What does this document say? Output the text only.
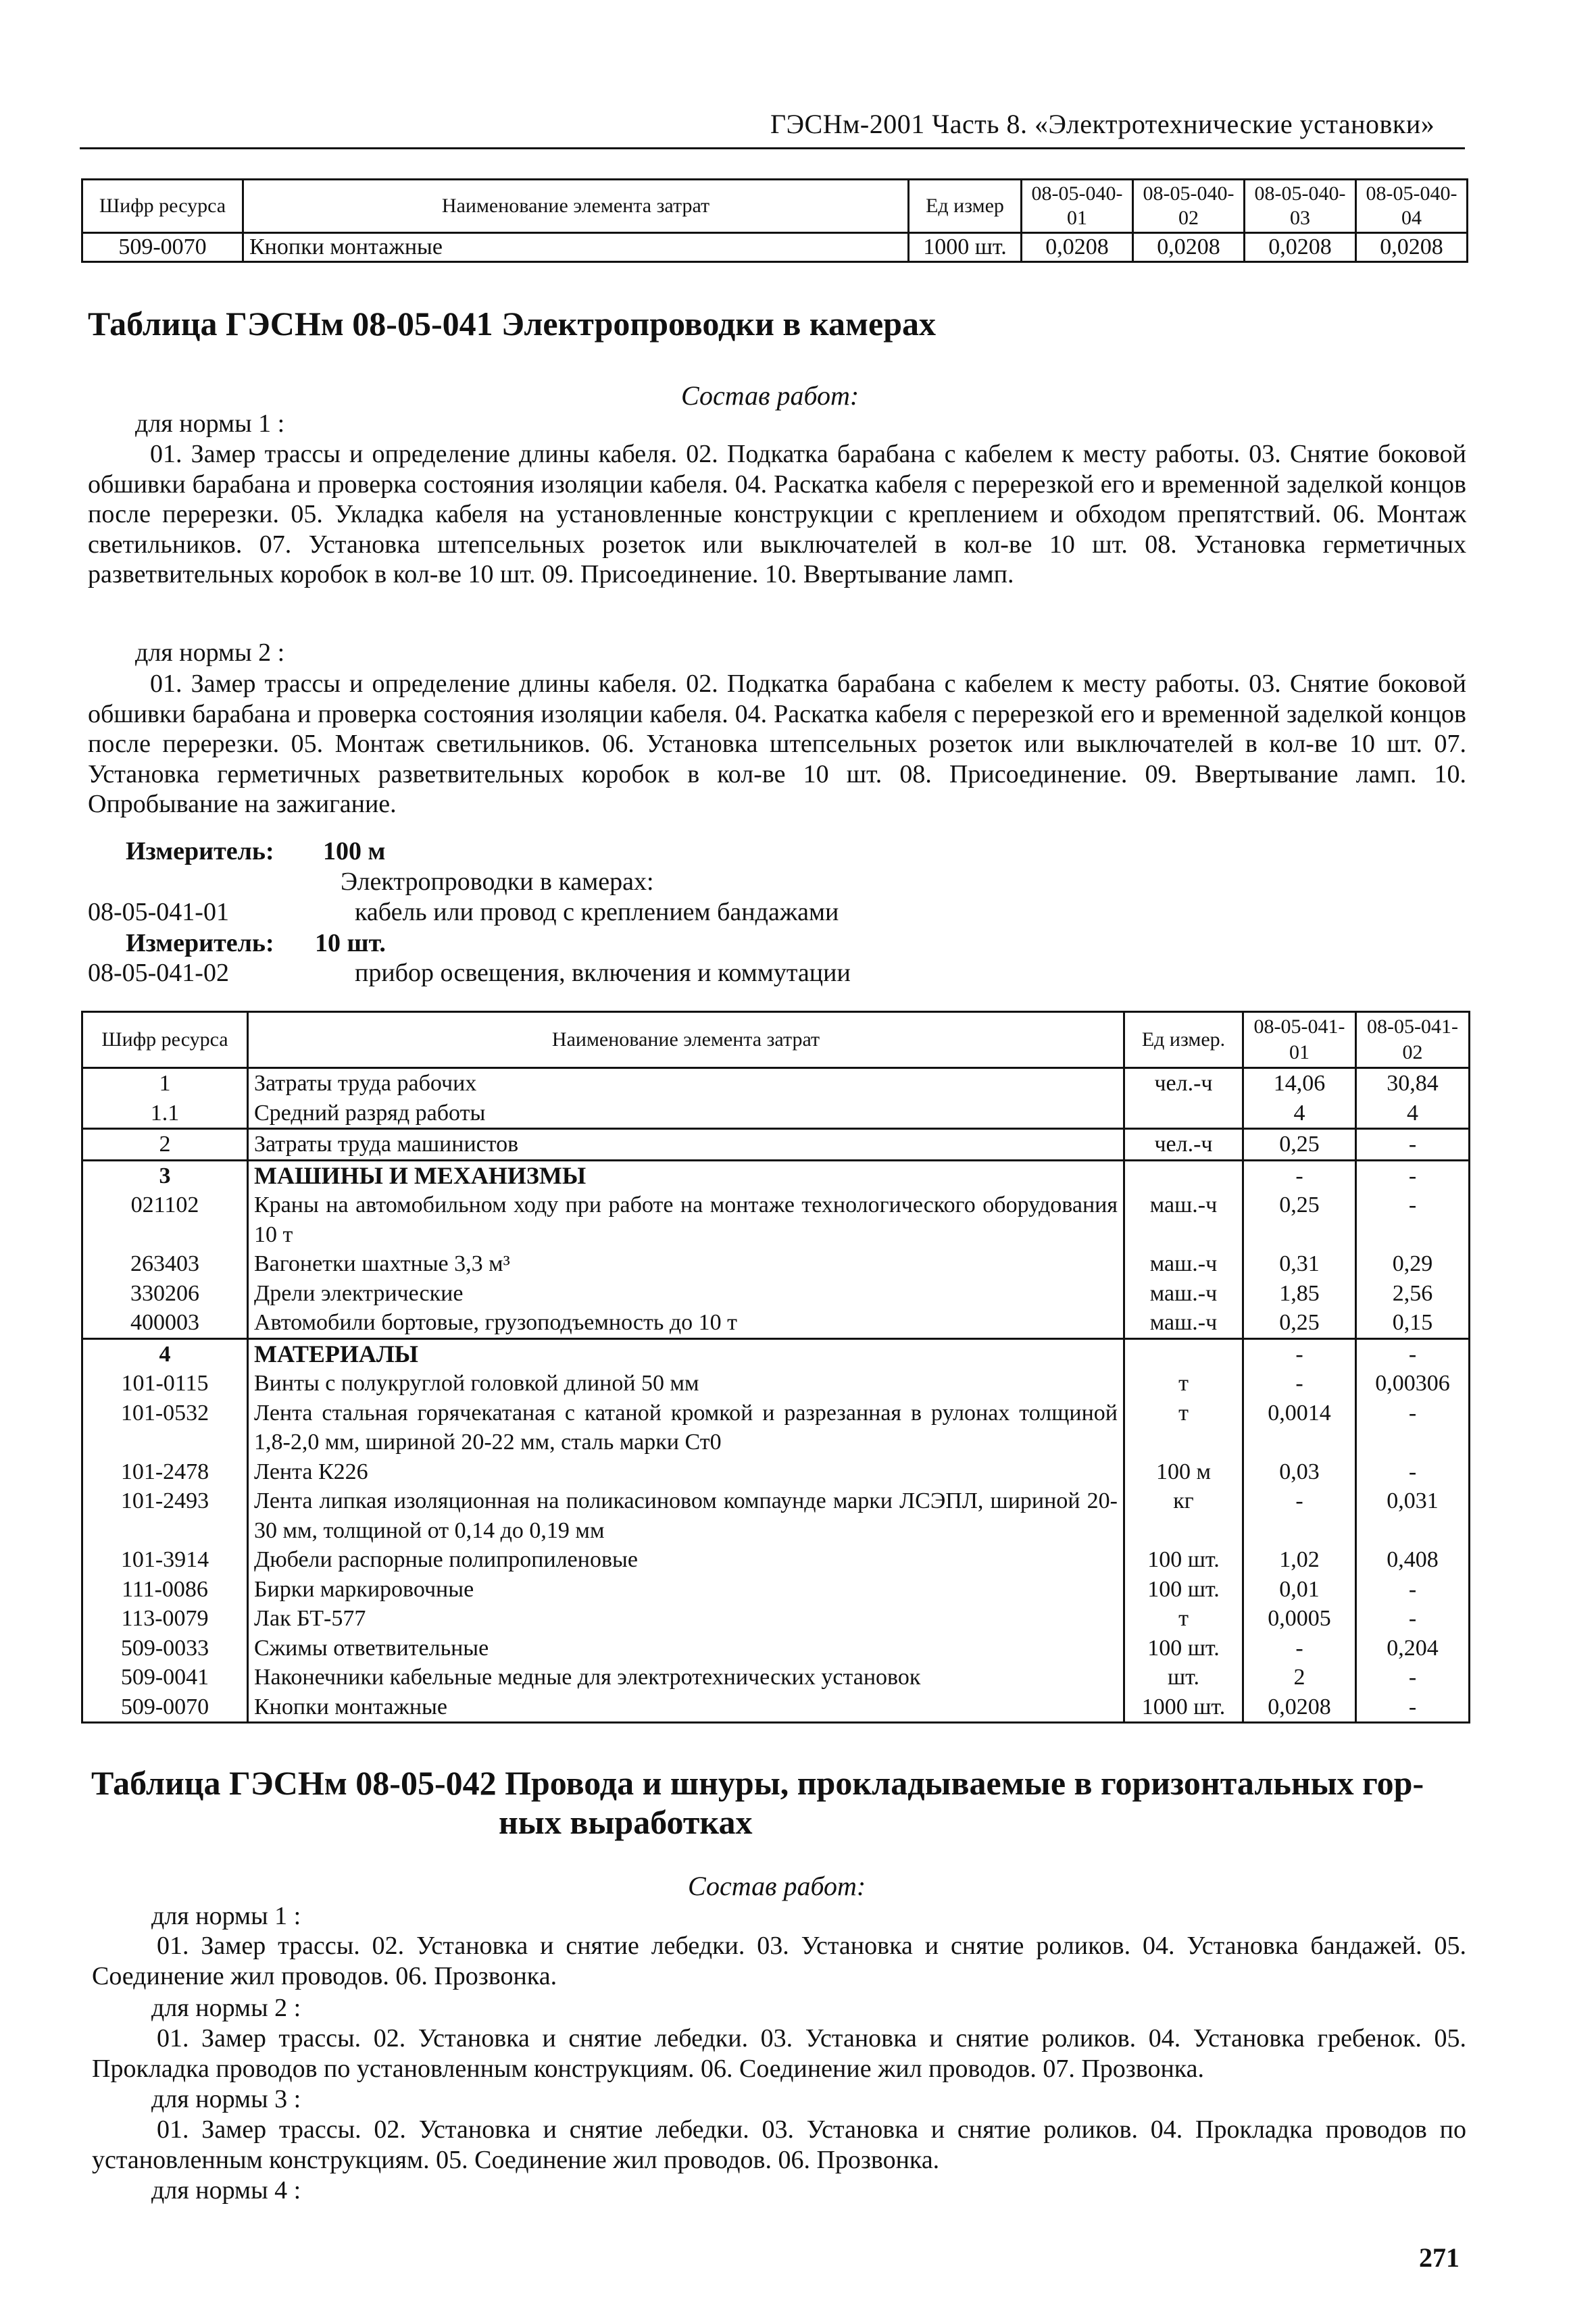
ГЭСНм-2001 Часть 8. «Электротехнические установки»
Шифр ресурса	Наименование элемента затрат	Ед измер	08-05-040-01	08-05-040-02	08-05-040-03	08-05-040-04
509-0070	Кнопки монтажные	1000 шт.	0,0208	0,0208	0,0208	0,0208
Таблица ГЭСНм 08-05-041 Электропроводки в камерах
Состав работ:
для нормы 1 :
01. Замер трассы и определение длины кабеля. 02. Подкатка барабана с кабелем к месту работы. 03. Снятие боковой обшивки барабана и проверка состояния изоляции кабеля. 04. Раскатка кабеля с перерезкой его и временной заделкой концов после перерезки. 05. Укладка кабеля на установленные конструкции с креплением и обходом препятствий. 06. Монтаж светильников. 07. Установка штепсельных розеток или выключателей в кол-ве 10 шт. 08. Установка герметичных разветвительных коробок в кол-ве 10 шт. 09. Присоединение. 10. Ввертывание ламп.
для нормы 2 :
01. Замер трассы и определение длины кабеля. 02. Подкатка барабана с кабелем к месту работы. 03. Снятие боковой обшивки барабана и проверка состояния изоляции кабеля. 04. Раскатка кабеля с перерезкой его и временной заделкой концов после перерезки. 05. Монтаж светильников. 06. Установка штепсельных розеток или выключателей в кол-ве 10 шт. 07. Установка герметичных разветвительных коробок в кол-ве 10 шт. 08. Присоединение. 09. Ввертывание ламп. 10. Опробывание на зажигание.
Измеритель: 100 м
Электропроводки в камерах:
08-05-041-01	кабель или провод с креплением бандажами
Измеритель: 10 шт.
08-05-041-02	прибор освещения, включения и коммутации
Шифр ресурса	Наименование элемента затрат	Ед измер.	08-05-041-01	08-05-041-02
1	Затраты труда рабочих	чел.-ч	14,06	30,84
1.1	Средний разряд работы		4	4
2	Затраты труда машинистов	чел.-ч	0,25	-
3	МАШИНЫ И МЕХАНИЗМЫ		-	-
021102	Краны на автомобильном ходу при работе на монтаже технологического оборудования 10 т	маш.-ч	0,25	-
263403	Вагонетки шахтные 3,3 м³	маш.-ч	0,31	0,29
330206	Дрели электрические	маш.-ч	1,85	2,56
400003	Автомобили бортовые, грузоподъемность до 10 т	маш.-ч	0,25	0,15
4	МАТЕРИАЛЫ		-	-
101-0115	Винты с полукруглой головкой длиной 50 мм	т	-	0,00306
101-0532	Лента стальная горячекатаная с катаной кромкой и разрезанная в рулонах толщиной 1,8-2,0 мм, шириной 20-22 мм, сталь марки Ст0	т	0,0014	-
101-2478	Лента К226	100 м	0,03	-
101-2493	Лента липкая изоляционная на поликасиновом компаунде марки ЛСЭПЛ, шириной 20-30 мм, толщиной от 0,14 до 0,19 мм	кг	-	0,031
101-3914	Дюбели распорные полипропиленовые	100 шт.	1,02	0,408
111-0086	Бирки маркировочные	100 шт.	0,01	-
113-0079	Лак БТ-577	т	0,0005	-
509-0033	Сжимы ответвительные	100 шт.	-	0,204
509-0041	Наконечники кабельные медные для электротехнических установок	шт.	2	-
509-0070	Кнопки монтажные	1000 шт.	0,0208	-
Таблица ГЭСНм 08-05-042 Провода и шнуры, прокладываемые в горизонтальных гор-
ных выработках
Состав работ:
для нормы 1 :
01. Замер трассы. 02. Установка и снятие лебедки. 03. Установка и снятие роликов. 04. Установка бандажей. 05. Соединение жил проводов. 06. Прозвонка.
для нормы 2 :
01. Замер трассы. 02. Установка и снятие лебедки. 03. Установка и снятие роликов. 04. Установка гребенок. 05. Прокладка проводов по установленным конструкциям. 06. Соединение жил проводов. 07. Прозвонка.
для нормы 3 :
01. Замер трассы. 02. Установка и снятие лебедки. 03. Установка и снятие роликов. 04. Прокладка проводов по установленным конструкциям. 05. Соединение жил проводов. 06. Прозвонка.
для нормы 4 :
271
